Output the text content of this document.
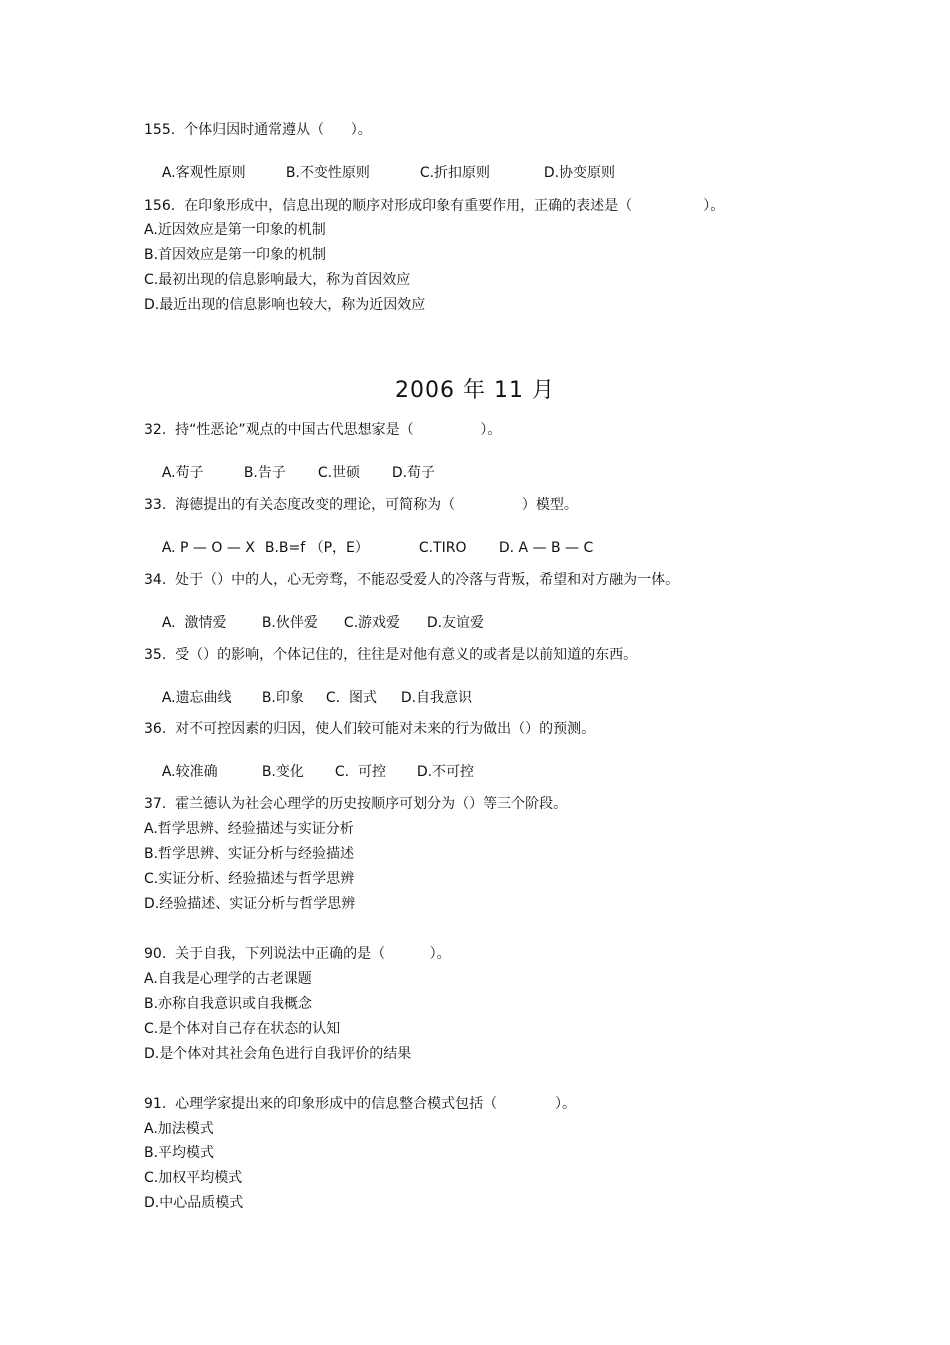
155.  个体归因时通常遵从（      ）。

A.客观性原则	B.不变性原则	C.折扣原则	D.协变原则

156.  在印象形成中，信息出现的顺序对形成印象有重要作用，正确的表述是（                ）。
A.近因效应是第一印象的机制
B.首因效应是第一印象的机制
C.最初出现的信息影响最大，称为首因效应
D.最近出现的信息影响也较大，称为近因效应
2006 年 11 月
32.  持“性恶论”观点的中国古代思想家是（               ）。

A.苟子	B.告子 C.世硕 D.荀子

33.  海德提出的有关态度改变的理论，可简称为（               ）模型。

A. P — O — X B.B=f （P，E）	C.TIRO D. A — B — C

34.  处于（）中的人，心无旁骛，不能忍受爱人的冷落与背叛，希望和对方融为一体。

A.  激情爱	B.伙伴爱 C.游戏爱 D.友谊爱

35.  受（）的影响，个体记住的，往往是对他有意义的或者是以前知道的东西。

A.遗忘曲线 B.印象 C.  图式 D.自我意识

36.  对不可控因素的归因，使人们较可能对未来的行为做出（）的预测。

A.较准确	B.变化 C.  可控 D.不可控

37.  霍兰德认为社会心理学的历史按顺序可划分为（）等三个阶段。
A.哲学思辨、经验描述与实证分析
B.哲学思辨、实证分析与经验描述
C.实证分析、经验描述与哲学思辨
D.经验描述、实证分析与哲学思辨
90.  关于自我，下列说法中正确的是（          ）。
A.自我是心理学的古老课题
B.亦称自我意识或自我概念
C.是个体对自己存在状态的认知
D.是个体对其社会角色进行自我评价的结果
91.  心理学家提出来的印象形成中的信息整合模式包括（             ）。
A.加法模式
B.平均模式
C.加权平均模式
D.中心品质模式
